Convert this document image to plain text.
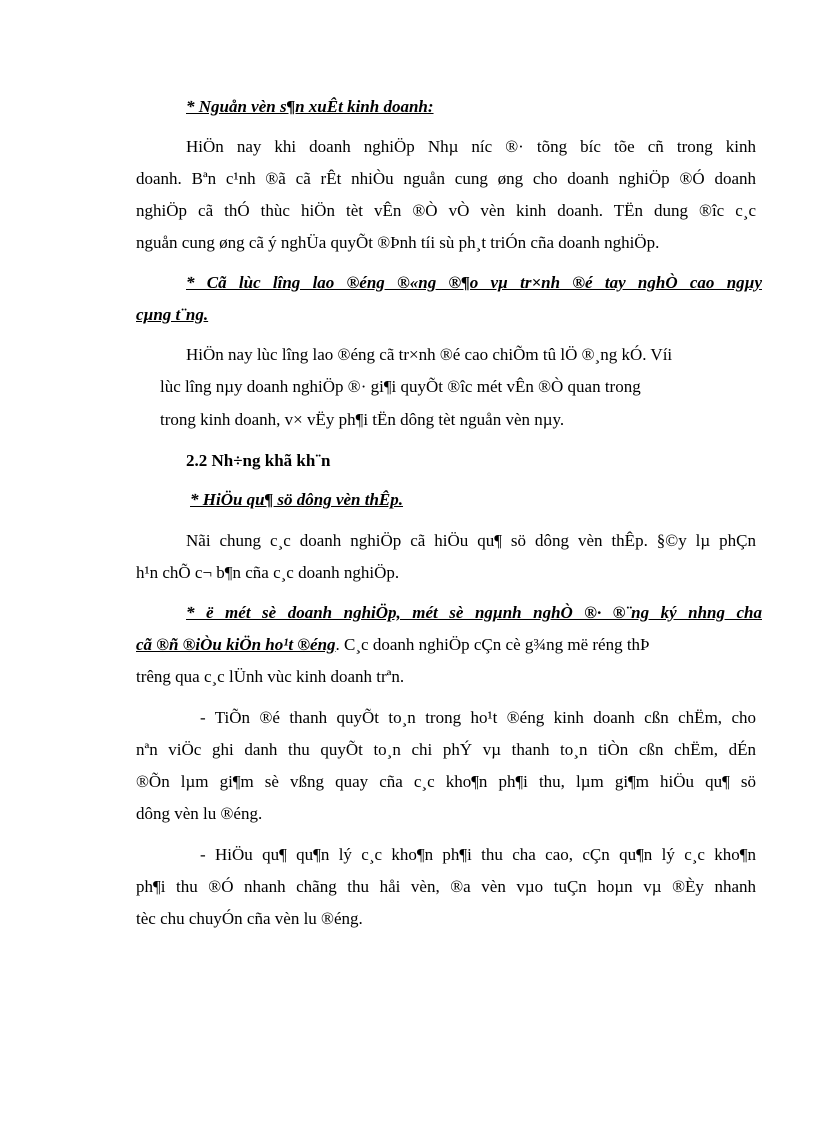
* Nguån vèn s¶n xuÊt kinh doanh:
HiÖn nay khi doanh nghiÖp Nhµ níc ®· tõng bíc tõe cñ trong kinh
doanh. Bªn c¹nh ®ã cã rÊt nhiÒu nguån cung øng cho doanh nghiÖp ®Ó doanh
nghiÖp cã thÓ thùc hiÖn tèt vÊn ®Ò vÒ vèn kinh doanh. TËn dung ®îc c¸c
nguån cung øng cã ý nghÜa quyÕt ®Þnh tíi sù ph¸t triÓn cña doanh nghiÖp.
* Cã lùc lîng lao ®éng ®«ng ®¶o vµ tr×nh ®é tay nghÒ cao ngµy
cµng t¨ng.
HiÖn nay lùc lîng lao ®éng cã tr×nh ®é cao chiÕm tû lÖ ®¸ng kÓ. Víi
lùc lîng nµy doanh nghiÖp ®· gi¶i quyÕt ®îc mét vÊn ®Ò quan trong
trong kinh doanh, v× vËy ph¶i tËn dông tèt nguån vèn nµy.
2.2 Nh÷ng khã kh¨n
* HiÖu qu¶ sö dông vèn thÊp.
Nãi chung c¸c doanh nghiÖp cã hiÖu qu¶ sö dông vèn thÊp. §©y lµ phÇn
h¹n chÕ c¬ b¶n cña c¸c doanh nghiÖp.
* ë mét sè doanh nghiÖp, mét sè ngµnh nghÒ ®· ®¨ng ký nhng cha
cã ®ñ ®iÒu kiÖn ho¹t ®éng. C¸c doanh nghiÖp cÇn cè g¾ng më réng thÞ
trêng qua c¸c lÜnh vùc kinh doanh trªn.
- TiÕn ®é thanh quyÕt to¸n trong ho¹t ®éng kinh doanh cßn chËm, cho
nªn viÖc ghi danh thu quyÕt to¸n chi phÝ vµ thanh to¸n tiÒn cßn chËm, dÉn
®Õn lµm gi¶m sè vßng quay cña c¸c kho¶n ph¶i thu, lµm gi¶m hiÖu qu¶ sö
dông vèn lu ®éng.
- HiÖu qu¶ qu¶n lý c¸c kho¶n ph¶i thu cha cao, cÇn qu¶n lý c¸c kho¶n
ph¶i thu ®Ó nhanh chãng thu håi vèn, ®a vèn vµo tuÇn hoµn vµ ®Èy nhanh
tèc chu chuyÓn cña vèn lu ®éng.
